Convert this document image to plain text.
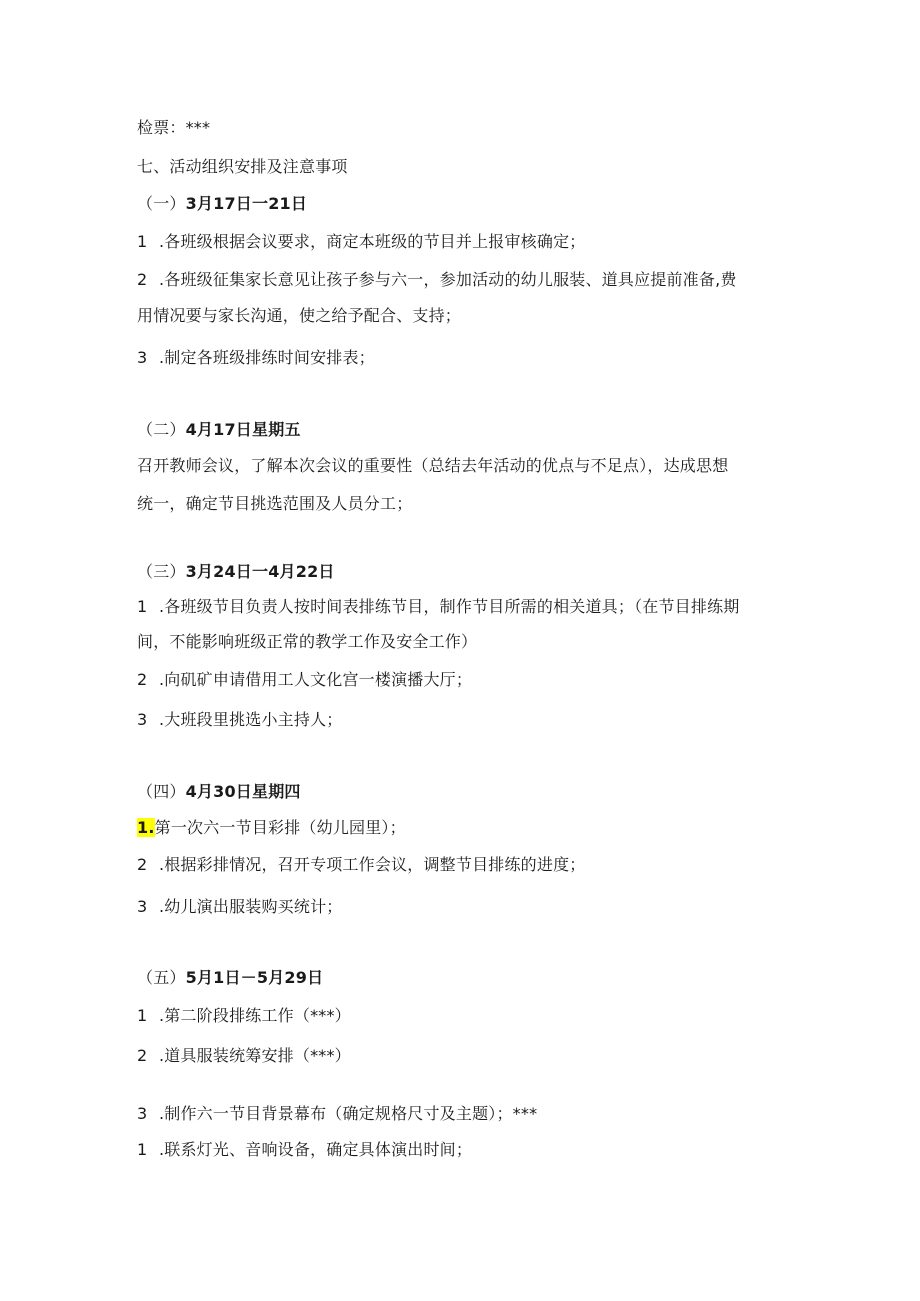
检票：***
七、活动组织安排及注意事项
（一）3月17日一21日
1 .各班级根据会议要求，商定本班级的节目并上报审核确定；
2 .各班级征集家长意见让孩子参与六一，参加活动的幼儿服装、道具应提前准备,费
用情况要与家长沟通，使之给予配合、支持；
3 .制定各班级排练时间安排表；
（二）4月17日星期五
召开教师会议，了解本次会议的重要性（总结去年活动的优点与不足点），达成思想
统一，确定节目挑选范围及人员分工；
（三）3月24日一4月22日
1 .各班级节目负责人按时间表排练节目，制作节目所需的相关道具；（在节目排练期
间，不能影响班级正常的教学工作及安全工作）
2 .向矶矿申请借用工人文化宫一楼演播大厅；
3 .大班段里挑选小主持人；
（四）4月30日星期四
1.第一次六一节目彩排（幼儿园里）；
2 .根据彩排情况，召开专项工作会议，调整节目排练的进度；
3 .幼儿演出服装购买统计；
（五）5月1日－5月29日
1 .第二阶段排练工作（***）
2 .道具服装统筹安排（***）
3 .制作六一节目背景幕布（确定规格尺寸及主题）；***
1 .联系灯光、音响设备，确定具体演出时间；
